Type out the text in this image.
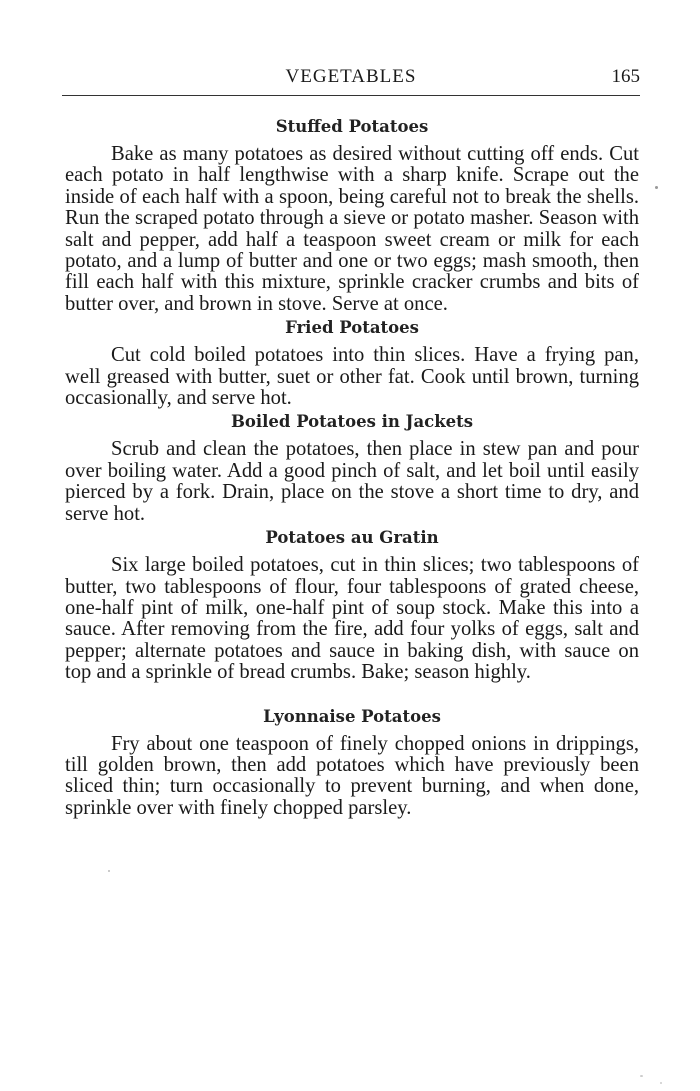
VEGETABLES	165
Stuffed Potatoes

Bake as many potatoes as desired without cutting off ends. Cut each potato in half lengthwise with a sharp knife. Scrape out the inside of each half with a spoon, being careful not to break the shells. Run the scraped potato through a sieve or potato masher. Season with salt and pepper, add half a teaspoon sweet cream or milk for each potato, and a lump of butter and one or two eggs; mash smooth, then fill each half with this mixture, sprinkle cracker crumbs and bits of butter over, and brown in stove. Serve at once.

Fried Potatoes

Cut cold boiled potatoes into thin slices. Have a frying pan, well greased with butter, suet or other fat. Cook until brown, turning occasionally, and serve hot.

Boiled Potatoes in Jackets

Scrub and clean the potatoes, then place in stew pan and pour over boiling water. Add a good pinch of salt, and let boil until easily pierced by a fork. Drain, place on the stove a short time to dry, and serve hot.

Potatoes au Gratin

Six large boiled potatoes, cut in thin slices; two tablespoons of butter, two tablespoons of flour, four tablespoons of grated cheese, one-half pint of milk, one-half pint of soup stock. Make this into a sauce. After removing from the fire, add four yolks of eggs, salt and pepper; alternate potatoes and sauce in baking dish, with sauce on top and a sprinkle of bread crumbs. Bake; season highly.

Lyonnaise Potatoes

Fry about one teaspoon of finely chopped onions in drippings, till golden brown, then add potatoes which have previously been sliced thin; turn occasionally to prevent burning, and when done, sprinkle over with finely chopped parsley.
